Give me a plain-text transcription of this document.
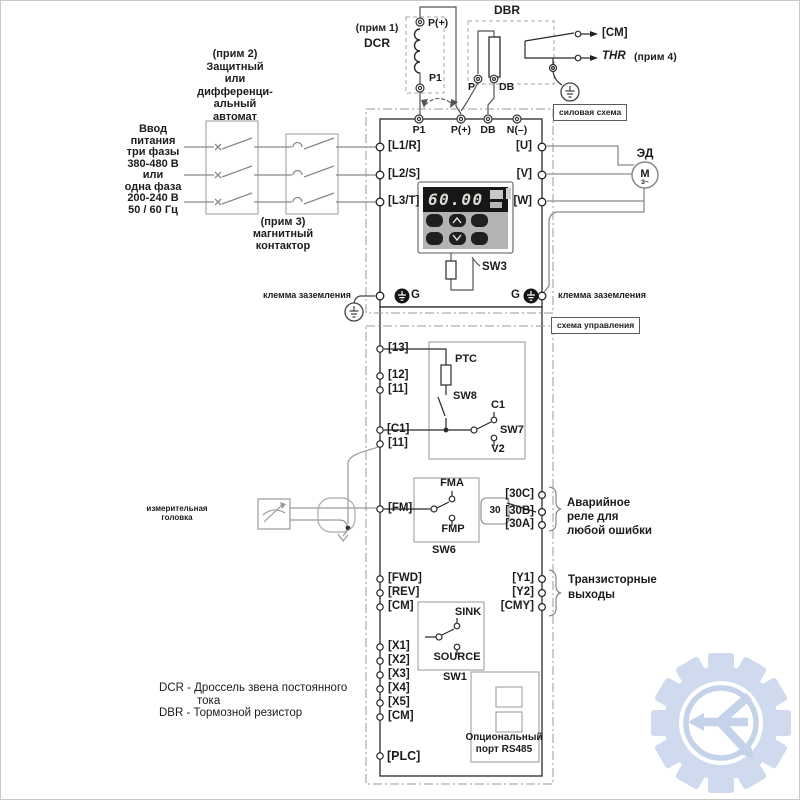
(прим 1)
DCR
P(+)
P1
DBR
P DB
[CM]
THR (прим 4)
силовая схема
схема управления
Ввод
питания
три фазы
380-480 В
или
одна фаза
200-240 В
50 / 60 Гц
(прим 2)
Защитный
или
дифференци-
альный
автомат
(прим 3)
магнитный
контактор
P1	P(+) DB	N(–)
[L1/R]
[L2/S]
[L3/T]
[U]
[V]
[W]
ЭД
M
3~
60.00
SW3
G	G
клемма заземления	клемма заземления
[13]
[12]
[11]
[C1]
[11]
[FM]
[FWD]
[REV]
[CM]
[X1]
[X2]
[X3]
[X4]
[X5]
[CM]
[PLC]
PTC
SW8
C1
SW7
V2
измерительная
головка
FMA
FMP
SW6
30
[30C]
[30B]
[30A]
Аварийное
реле для
любой ошибки
[Y1]
[Y2]
[CMY]
Транзисторные
выходы
SINK
SOURCE
SW1
Опциональный
порт RS485
DCR - Дроссель звена постоянного
тока
DBR - Тормозной резистор
